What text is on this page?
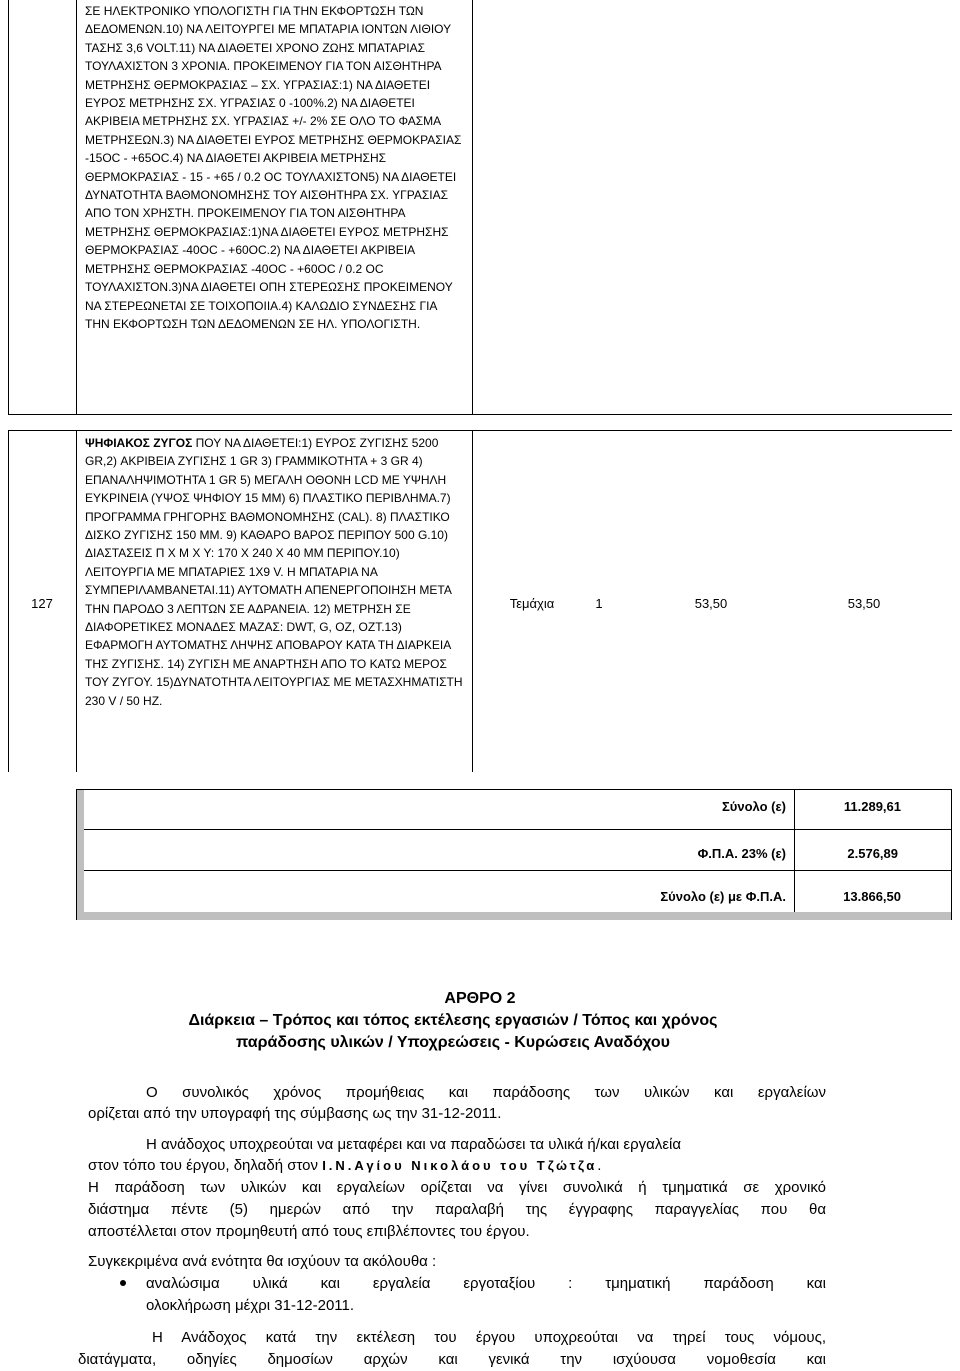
ΣΕ ΗΛΕΚΤΡΟΝΙΚΟ ΥΠΟΛΟΓΙΣΤΗ ΓΙΑ ΤΗΝ ΕΚΦΟΡΤΩΣΗ ΤΩΝ ΔΕΔΟΜΕΝΩΝ.10) ΝΑ ΛΕΙΤΟΥΡΓΕΙ ΜΕ ΜΠΑΤΑΡΙΑ ΙΟΝΤΩΝ ΛΙΘΙΟΥ ΤΑΣΗΣ 3,6 VOLT.11) ΝΑ ΔΙΑΘΕΤΕΙ ΧΡΟΝΟ ΖΩΗΣ ΜΠΑΤΑΡΙΑΣ ΤΟΥΛΑΧΙΣΤΟΝ 3 ΧΡΟΝΙΑ. ΠΡΟΚΕΙΜΕΝΟΥ ΓΙΑ ΤΟΝ ΑΙΣΘΗΤΗΡΑ ΜΕΤΡΗΣΗΣ ΘΕΡΜΟΚΡΑΣΙΑΣ – ΣΧ. ΥΓΡΑΣΙΑΣ:1) ΝΑ ΔΙΑΘΕΤΕΙ ΕΥΡΟΣ ΜΕΤΡΗΣΗΣ ΣΧ. ΥΓΡΑΣΙΑΣ 0 -100%.2) ΝΑ ΔΙΑΘΕΤΕΙ ΑΚΡΙΒΕΙΑ ΜΕΤΡΗΣΗΣ ΣΧ. ΥΓΡΑΣΙΑΣ +/- 2% ΣΕ ΟΛΟ ΤΟ ΦΑΣΜΑ ΜΕΤΡΗΣΕΩΝ.3) ΝΑ ΔΙΑΘΕΤΕΙ ΕΥΡΟΣ ΜΕΤΡΗΣΗΣ ΘΕΡΜΟΚΡΑΣΙΑΣ -15ΟC - +65ΟC.4) ΝΑ ΔΙΑΘΕΤΕΙ ΑΚΡΙΒΕΙΑ ΜΕΤΡΗΣΗΣ ΘΕΡΜΟΚΡΑΣΙΑΣ - 15 - +65 / 0.2 ΟC ΤΟΥΛΑΧΙΣΤΟΝ5) ΝΑ ΔΙΑΘΕΤΕΙ ΔΥΝΑΤΟΤΗΤΑ ΒΑΘΜΟΝΟΜΗΣΗΣ ΤΟΥ ΑΙΣΘΗΤΗΡΑ ΣΧ. ΥΓΡΑΣΙΑΣ ΑΠΟ ΤΟΝ ΧΡΗΣΤΗ. ΠΡΟΚΕΙΜΕΝΟΥ ΓΙΑ ΤΟΝ ΑΙΣΘΗΤΗΡΑ ΜΕΤΡΗΣΗΣ ΘΕΡΜΟΚΡΑΣΙΑΣ:1)ΝΑ ΔΙΑΘΕΤΕΙ ΕΥΡΟΣ ΜΕΤΡΗΣΗΣ ΘΕΡΜΟΚΡΑΣΙΑΣ -40ΟC - +60ΟC.2) ΝΑ ΔΙΑΘΕΤΕΙ ΑΚΡΙΒΕΙΑ ΜΕΤΡΗΣΗΣ ΘΕΡΜΟΚΡΑΣΙΑΣ -40ΟC - +60ΟC / 0.2 ΟC ΤΟΥΛΑΧΙΣΤΟΝ.3)ΝΑ ΔΙΑΘΕΤΕΙ ΟΠΗ ΣΤΕΡΕΩΣΗΣ ΠΡΟΚΕΙΜΕΝΟΥ ΝΑ ΣΤΕΡΕΩΝΕΤΑΙ ΣΕ ΤΟΙΧΟΠΟΙΙΑ.4) ΚΑΛΩΔΙΟ ΣΥΝΔΕΣΗΣ ΓΙΑ ΤΗΝ ΕΚΦΟΡΤΩΣΗ ΤΩΝ ΔΕΔΟΜΕΝΩΝ ΣΕ ΗΛ. ΥΠΟΛΟΓΙΣΤΗ.
127
ΨΗΦΙΑΚΟΣ ΖΥΓΟΣ ΠΟΥ ΝΑ ΔΙΑΘΕΤΕΙ:1) ΕΥΡΟΣ ΖΥΓΙΣΗΣ 5200 GR,2) ΑΚΡΙΒΕΙΑ ΖΥΓΙΣΗΣ 1 GR 3) ΓΡΑΜΜΙΚΟΤΗΤΑ + 3 GR 4) ΕΠΑΝΑΛΗΨΙΜΟΤΗΤΑ 1 GR 5) ΜΕΓΑΛΗ ΟΘΟΝΗ LCD ΜΕ ΥΨΗΛΗ ΕΥΚΡΙΝΕΙΑ (ΥΨΟΣ ΨΗΦΙΟΥ 15 MM) 6) ΠΛΑΣΤΙΚΟ ΠΕΡΙΒΛΗΜΑ.7) ΠΡΟΓΡΑΜΜΑ ΓΡΗΓΟΡΗΣ ΒΑΘΜΟΝΟΜΗΣΗΣ (CAL). 8) ΠΛΑΣΤΙΚΟ ΔΙΣΚΟ ΖΥΓΙΣΗΣ 150 MM. 9) ΚΑΘΑΡΟ ΒΑΡΟΣ ΠΕΡΙΠΟΥ 500 G.10) ΔΙΑΣΤΑΣΕΙΣ Π Χ Μ Χ Υ: 170 Χ 240 Χ 40 MM ΠΕΡΙΠΟΥ.10) ΛΕΙΤΟΥΡΓΙΑ ΜΕ ΜΠΑΤΑΡΙΕΣ 1Χ9 V. Η ΜΠΑΤΑΡΙΑ ΝΑ ΣΥΜΠΕΡΙΛΑΜΒΑΝΕΤΑΙ.11) ΑΥΤΟΜΑΤΗ ΑΠΕΝΕΡΓΟΠΟΙΗΣΗ ΜΕΤΑ ΤΗΝ ΠΑΡΟΔΟ 3 ΛΕΠΤΩΝ ΣΕ ΑΔΡΑΝΕΙΑ. 12) ΜΕΤΡΗΣΗ ΣΕ ΔΙΑΦΟΡΕΤΙΚΕΣ ΜΟΝΑΔΕΣ ΜΑΖΑΣ: DWT, G, OZ, OZT.13) ΕΦΑΡΜΟΓΗ ΑΥΤΟΜΑΤΗΣ ΛΗΨΗΣ ΑΠΟΒΑΡΟΥ ΚΑΤΑ ΤΗ ΔΙΑΡΚΕΙΑ ΤΗΣ ΖΥΓΙΣΗΣ. 14) ΖΥΓΙΣΗ ΜΕ ΑΝΑΡΤΗΣΗ ΑΠΟ ΤΟ ΚΑΤΩ ΜΕΡΟΣ ΤΟΥ ΖΥΓΟΥ. 15)ΔΥΝΑΤΟΤΗΤΑ ΛΕΙΤΟΥΡΓΙΑΣ ΜΕ ΜΕΤΑΣΧΗΜΑΤΙΣΤΗ 230 V / 50 HZ.
Τεμάχια	1	53,50	53,50
Σύνολο (ε)	11.289,61
Φ.Π.Α. 23% (ε)	2.576,89
Σύνολο (ε) με Φ.Π.Α.	13.866,50
ΑΡΘΡΟ 2
Διάρκεια – Τρόπος και τόπος εκτέλεσης εργασιών / Τόπος και χρόνος
παράδοσης υλικών / Υποχρεώσεις - Κυρώσεις Αναδόχου
Ο συνολικός χρόνος προμήθειας και παράδοσης των υλικών και εργαλείων
ορίζεται από την υπογραφή της σύμβασης ως την 31-12-2011.
Η ανάδοχος υποχρεούται να μεταφέρει και να παραδώσει τα υλικά ή/και εργαλεία
στον τόπο του έργου, δηλαδή στον Ι.Ν.Αγίου Νικολάου του Τζώτζα.
Η παράδοση των υλικών και εργαλείων ορίζεται να γίνει συνολικά ή τμηματικά σε χρονικό
διάστημα πέντε (5) ημερών από την παραλαβή της έγγραφης παραγγελίας που θα
αποστέλλεται στον προμηθευτή από τους επιβλέποντες του έργου.
Συγκεκριμένα ανά ενότητα θα ισχύουν τα ακόλουθα :
αναλώσιμα υλικά και εργαλεία εργοταξίου : τμηματική παράδοση και
ολοκλήρωση μέχρι 31-12-2011.
Η Ανάδοχος κατά την εκτέλεση του έργου υποχρεούται να τηρεί τους νόμους,
διατάγματα, οδηγίες δημοσίων αρχών και γενικά την ισχύουσα νομοθεσία και
